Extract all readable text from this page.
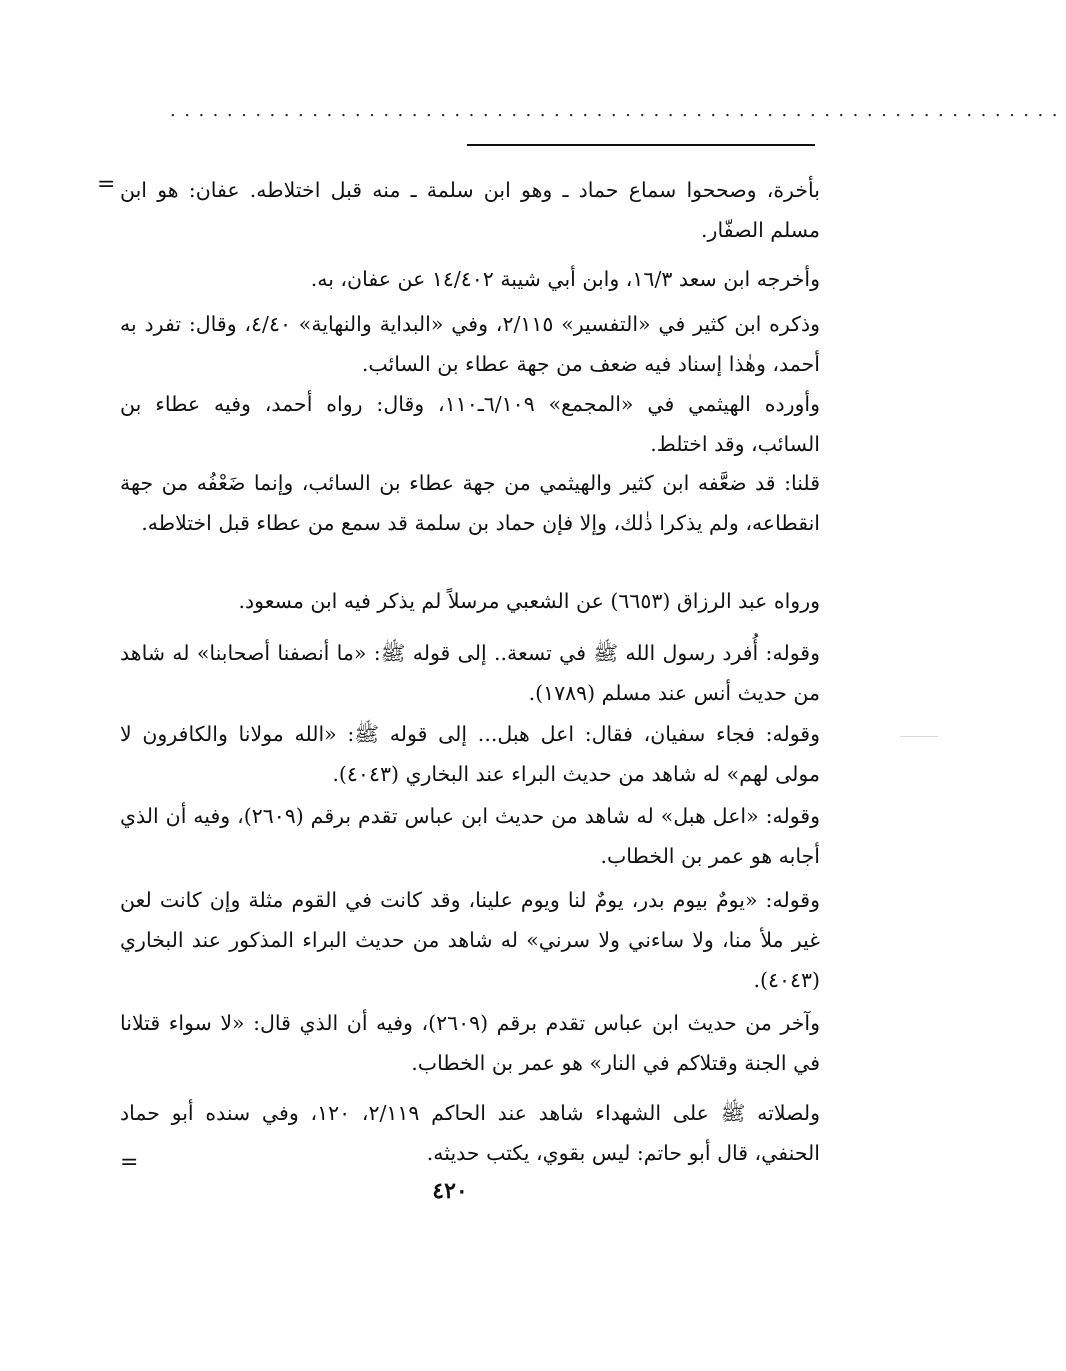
...............................................................
= بأخرة، وصححوا سماع حماد ـ وهو ابن سلمة ـ منه قبل اختلاطه. عفان: هو ابن مسلم الصفّار.
وأخرجه ابن سعد ١٦/٣، وابن أبي شيبة ١٤/٤٠٢ عن عفان، به.
وذكره ابن كثير في «التفسير» ٢/١١٥، وفي «البداية والنهاية» ٤/٤٠، وقال: تفرد به أحمد، وهٰذا إسناد فيه ضعف من جهة عطاء بن السائب.
وأورده الهيثمي في «المجمع» ٦/١٠٩ـ١١٠، وقال: رواه أحمد، وفيه عطاء بن السائب، وقد اختلط.
قلنا: قد ضعَّفه ابن كثير والهيثمي من جهة عطاء بن السائب، وإنما ضَعْفُه من جهة انقطاعه، ولم يذكرا ذٰلك، وإلا فإن حماد بن سلمة قد سمع من عطاء قبل اختلاطه.
ورواه عبد الرزاق (٦٦٥٣) عن الشعبي مرسلاً لم يذكر فيه ابن مسعود.
وقوله: أُفرد رسول الله ﷺ في تسعة.. إلى قوله ﷺ: «ما أنصفنا أصحابنا» له شاهد من حديث أنس عند مسلم (١٧٨٩).
وقوله: فجاء سفيان، فقال: اعل هبل... إلى قوله ﷺ: «الله مولانا والكافرون لا مولى لهم» له شاهد من حديث البراء عند البخاري (٤٠٤٣).
وقوله: «اعل هبل» له شاهد من حديث ابن عباس تقدم برقم (٢٦٠٩)، وفيه أن الذي أجابه هو عمر بن الخطاب.
وقوله: «يومٌ بيوم بدر، يومٌ لنا ويوم علينا، وقد كانت في القوم مثلة وإن كانت لعن غير ملأ منا، ولا ساءني ولا سرني» له شاهد من حديث البراء المذكور عند البخاري (٤٠٤٣).
وآخر من حديث ابن عباس تقدم برقم (٢٦٠٩)، وفيه أن الذي قال: «لا سواء قتلانا في الجنة وقتلاكم في النار» هو عمر بن الخطاب.
ولصلاته ﷺ على الشهداء شاهد عند الحاكم ٢/١١٩، ١٢٠، وفي سنده أبو حماد الحنفي، قال أبو حاتم: ليس بقوي، يكتب حديثه.
=
٤٢٠
